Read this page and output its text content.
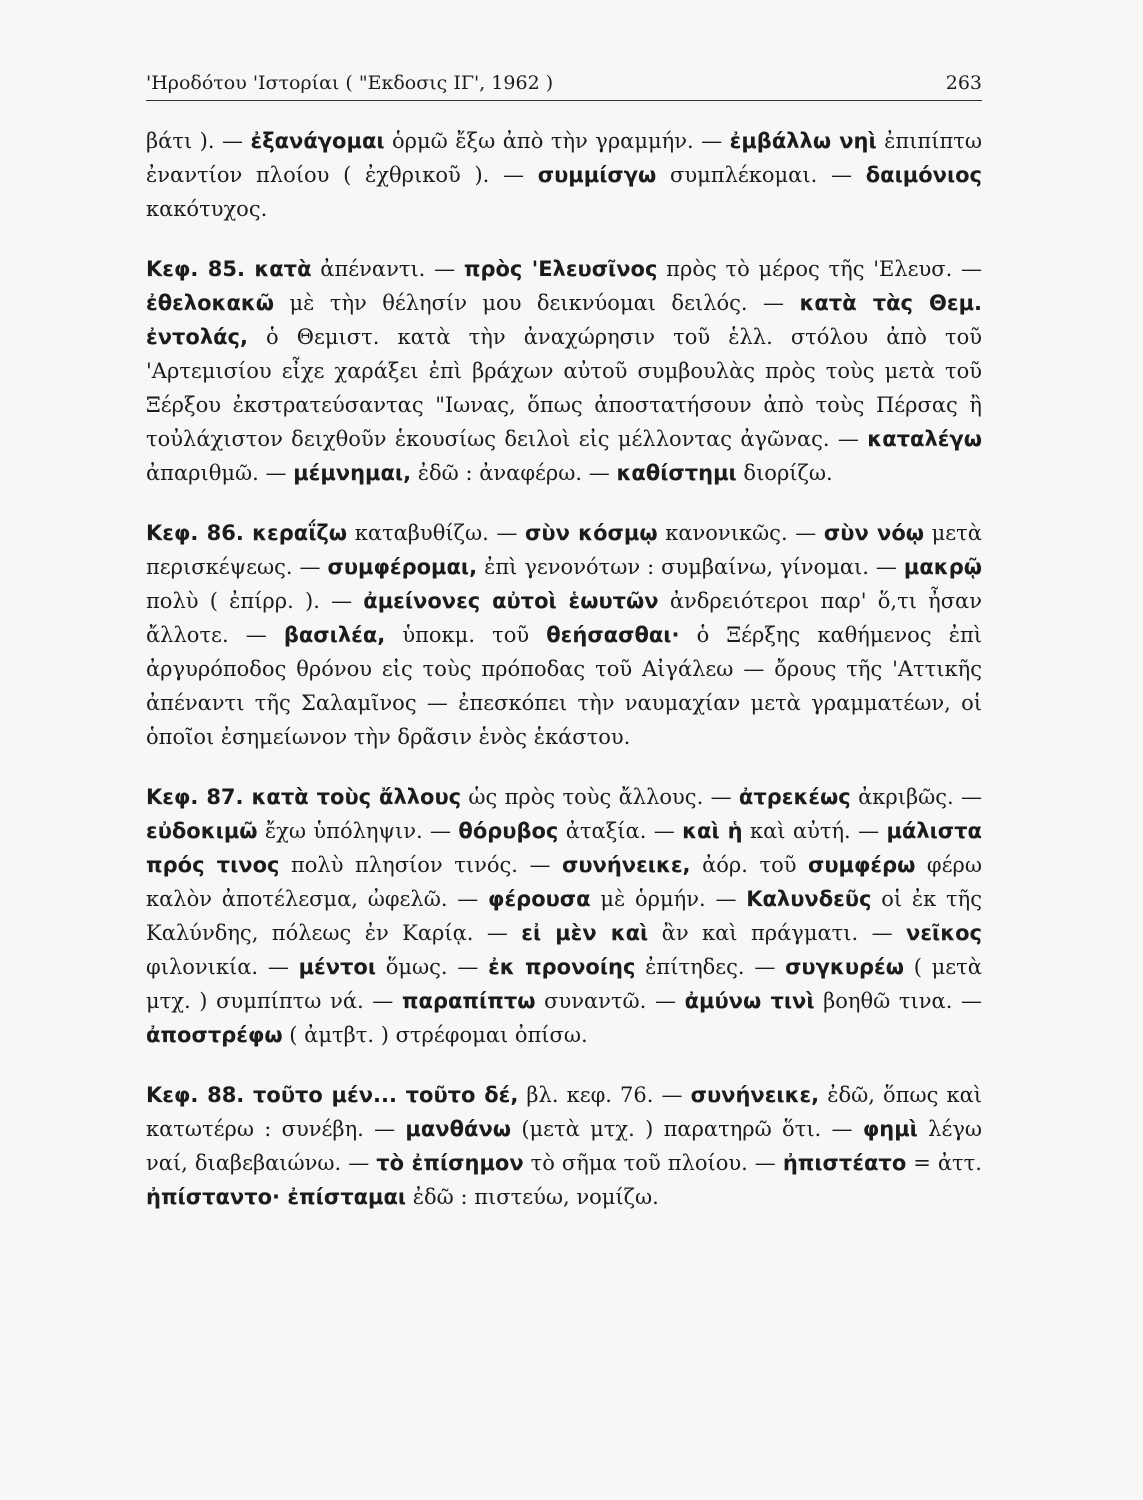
'Ηροδότου 'Ιστορίαι ( "Εκδοσις ΙΓ', 1962 )	263

βάτι ). — ἐξανάγομαι ὁρμῶ ἔξω ἀπὸ τὴν γραμμήν. — ἐμβάλλω νηὶ ἐπιπίπτω ἐναντίον πλοίου ( ἐχθρικοῦ ). — συμμίσγω συμπλέκομαι. — δαιμόνιος κακότυχος.

Κεφ. 85. κατὰ ἀπέναντι. — πρὸς 'Ελευσῖνος πρὸς τὸ μέρος τῆς 'Ελευσ. — ἐθελοκακῶ μὲ τὴν θέλησίν μου δεικνύομαι δειλός. — κατὰ τὰς Θεμ. ἐντολάς, ὁ Θεμιστ. κατὰ τὴν ἀναχώρησιν τοῦ ἑλλ. στόλου ἀπὸ τοῦ 'Αρτεμισίου εἶχε χαράξει ἐπὶ βράχων αὐτοῦ συμβουλὰς πρὸς τοὺς μετὰ τοῦ Ξέρξου ἐκστρατεύσαντας "Ιωνας, ὅπως ἀποστατήσουν ἀπὸ τοὺς Πέρσας ἢ τοὐλάχιστον δειχθοῦν ἑκουσίως δειλοὶ εἰς μέλλοντας ἀγῶνας. — καταλέγω ἀπαριθμῶ. — μέμνημαι, ἐδῶ : ἀναφέρω. — καθίστημι διορίζω.

Κεφ. 86. κεραΐζω καταβυθίζω. — σὺν κόσμῳ κανονικῶς. — σὺν νόῳ μετὰ περισκέψεως. — συμφέρομαι, ἐπὶ γενονότων : συμβαίνω, γίνομαι. — μακρῷ πολὺ ( ἐπίρρ. ). — ἀμείνονες αὐτοὶ ἑωυτῶν ἀνδρειότεροι παρ' ὅ,τι ἦσαν ἄλλοτε. — βασιλέα, ὑποκμ. τοῦ θεήσασθαι· ὁ Ξέρξης καθήμενος ἐπὶ ἀργυρόποδος θρόνου εἰς τοὺς πρόποδας τοῦ Αἰγάλεω — ὄρους τῆς 'Αττικῆς ἀπέναντι τῆς Σαλαμῖνος — ἐπεσκόπει τὴν ναυμαχίαν μετὰ γραμματέων, οἱ ὁποῖοι ἐσημείωνον τὴν δρᾶσιν ἑνὸς ἑκάστου.

Κεφ. 87. κατὰ τοὺς ἄλλους ὡς πρὸς τοὺς ἄλλους. — ἀτρεκέως ἀκριβῶς. — εὐδοκιμῶ ἔχω ὑπόληψιν. — θόρυβος ἀταξία. — καὶ ἡ καὶ αὐτή. — μάλιστα πρός τινος πολὺ πλησίον τινός. — συνήνεικε, ἀόρ. τοῦ συμφέρω φέρω καλὸν ἀποτέλεσμα, ὠφελῶ. — φέρουσα μὲ ὁρμήν. — Καλυνδεῦς οἱ ἐκ τῆς Καλύνδης, πόλεως ἐν Καρίᾳ. — εἰ μὲν καὶ ἂν καὶ πράγματι. — νεῖκος φιλονικία. — μέντοι ὅμως. — ἐκ προνοίης ἐπίτηδες. — συγκυρέω ( μετὰ μτχ. ) συμπίπτω νά. — παραπίπτω συναντῶ. — ἀμύνω τινὶ βοηθῶ τινα. — ἀποστρέφω ( ἀμτβτ. ) στρέφομαι ὀπίσω.

Κεφ. 88. τοῦτο μέν... τοῦτο δέ, βλ. κεφ. 76. — συνήνεικε, ἐδῶ, ὅπως καὶ κατωτέρω : συνέβη. — μανθάνω (μετὰ μτχ. ) παρατηρῶ ὅτι. — φημὶ λέγω ναί, διαβεβαιώνω. — τὸ ἐπίσημον τὸ σῆμα τοῦ πλοίου. — ἠπιστέατο = ἀττ. ἠπίσταντο· ἐπίσταμαι ἐδῶ : πιστεύω, νομίζω.
